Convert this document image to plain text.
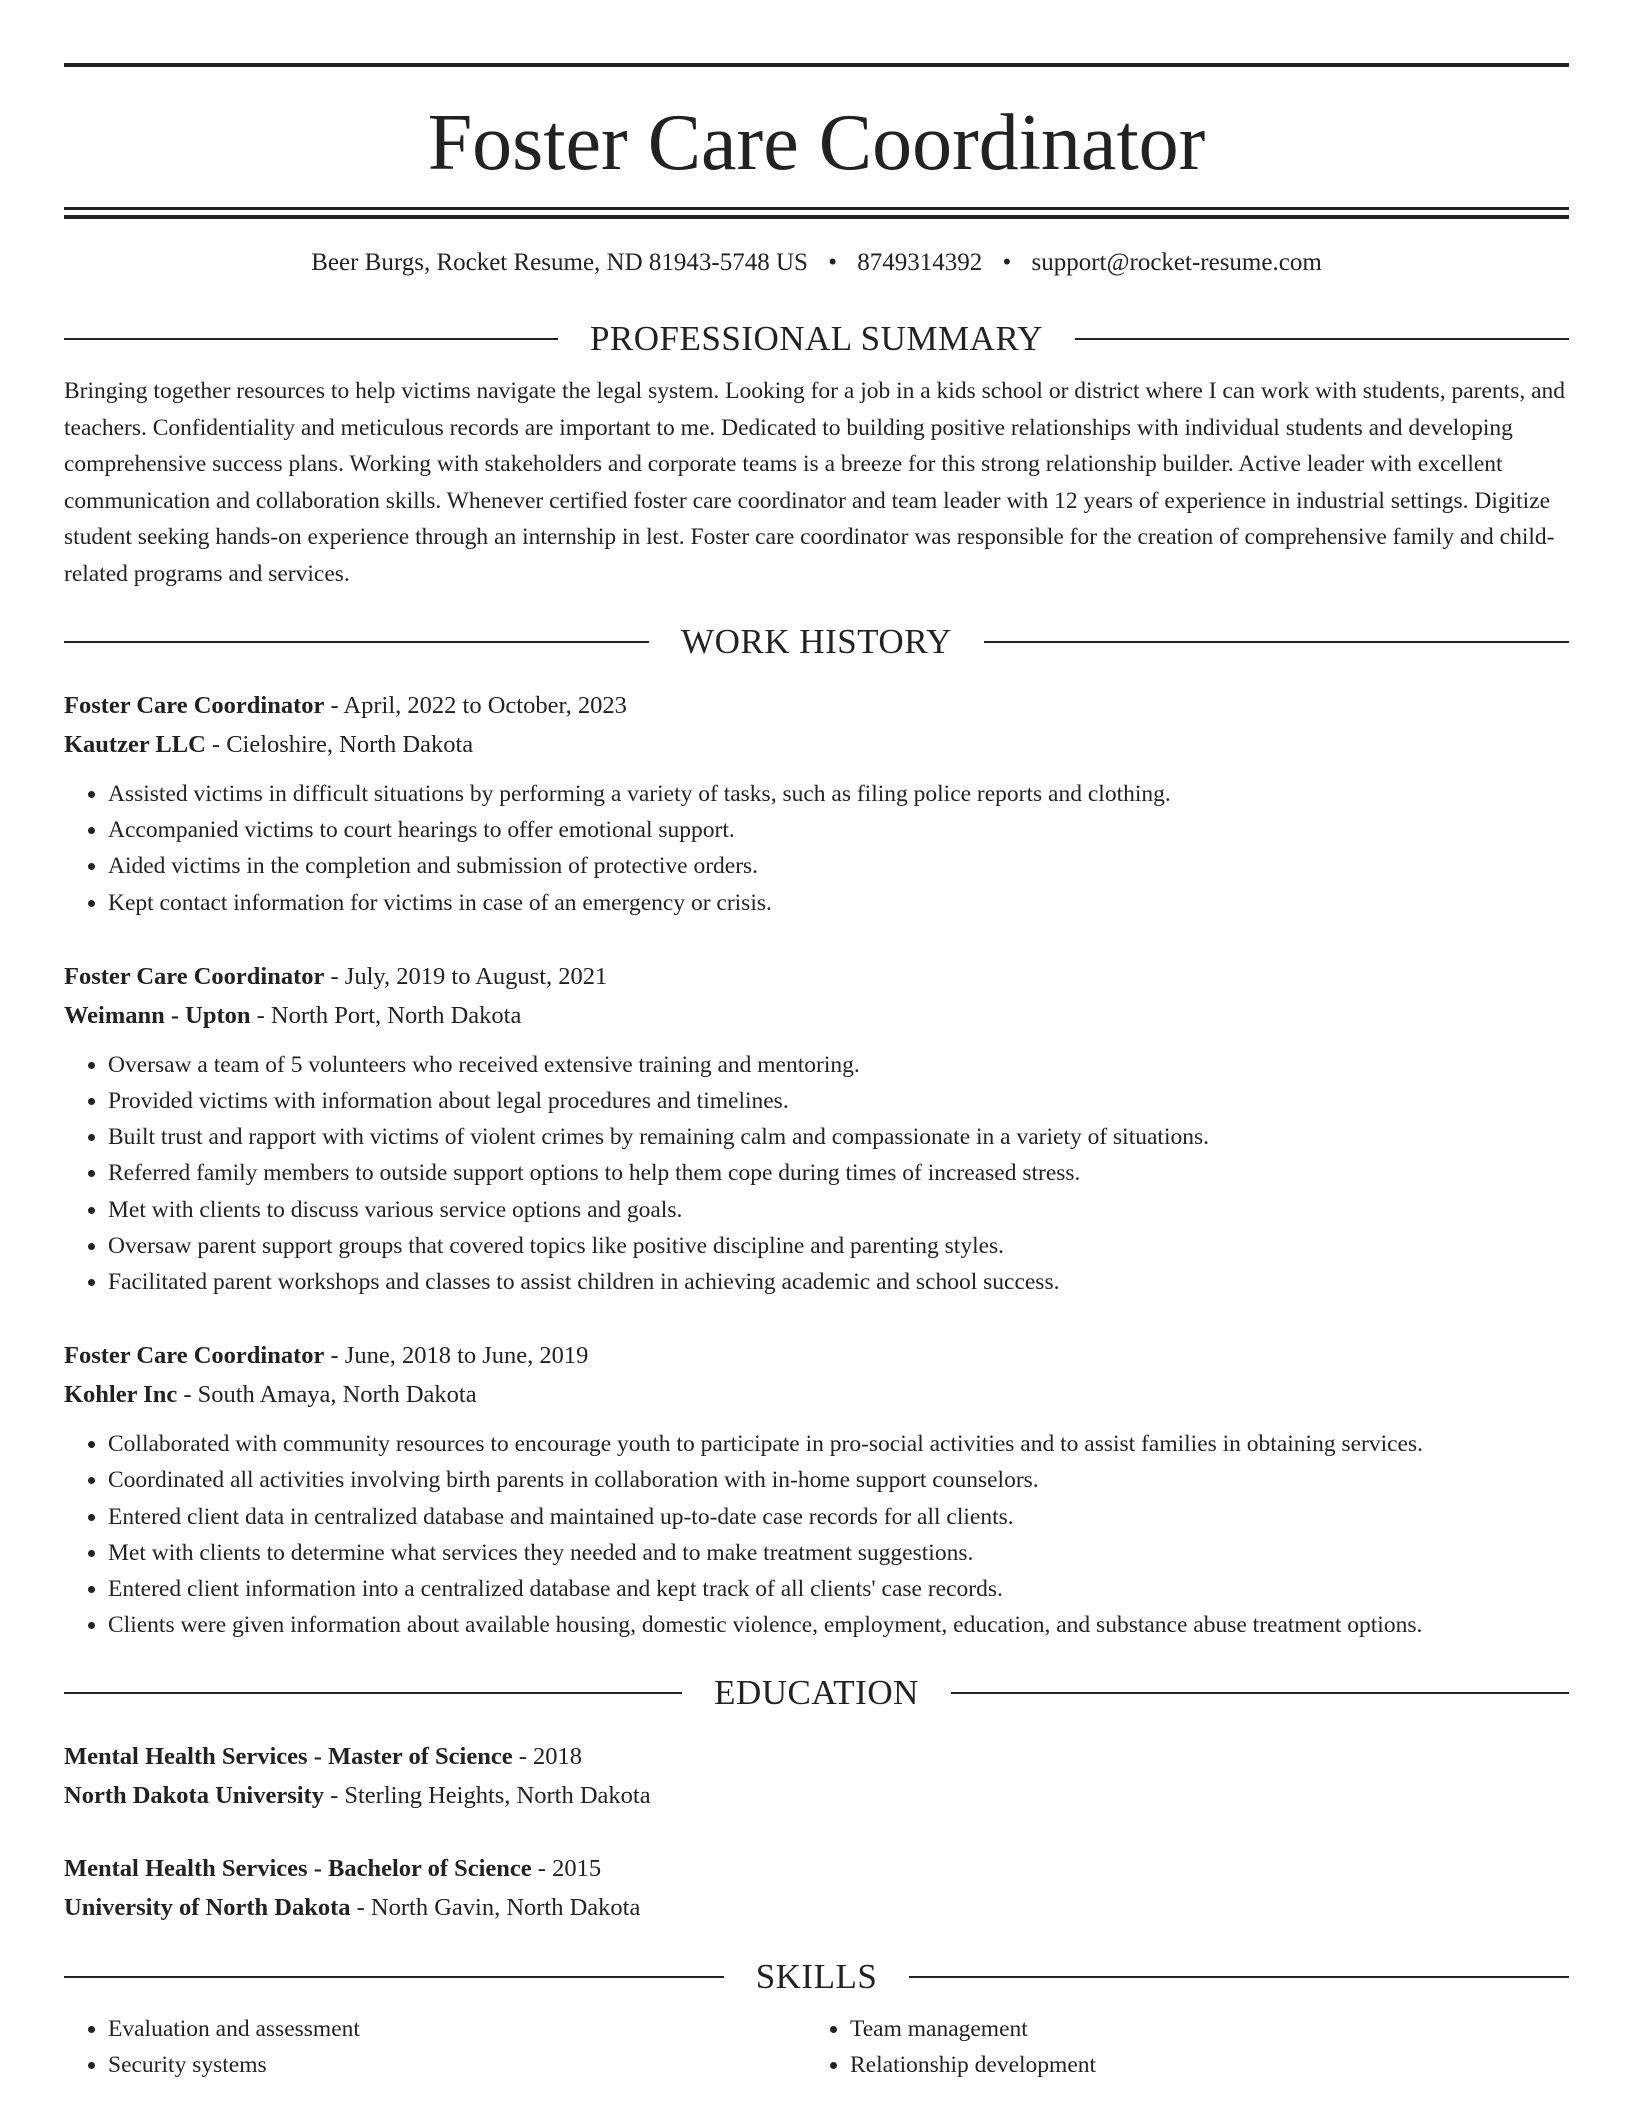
Foster Care Coordinator
Beer Burgs, Rocket Resume, ND 81943-5748 US • 8749314392 • support@rocket-resume.com
PROFESSIONAL SUMMARY
Bringing together resources to help victims navigate the legal system. Looking for a job in a kids school or district where I can work with students, parents, and teachers. Confidentiality and meticulous records are important to me. Dedicated to building positive relationships with individual students and developing comprehensive success plans. Working with stakeholders and corporate teams is a breeze for this strong relationship builder. Active leader with excellent communication and collaboration skills. Whenever certified foster care coordinator and team leader with 12 years of experience in industrial settings. Digitize student seeking hands-on experience through an internship in lest. Foster care coordinator was responsible for the creation of comprehensive family and child-related programs and services.
WORK HISTORY
Foster Care Coordinator - April, 2022 to October, 2023
Kautzer LLC - Cieloshire, North Dakota
• Assisted victims in difficult situations by performing a variety of tasks, such as filing police reports and clothing.
• Accompanied victims to court hearings to offer emotional support.
• Aided victims in the completion and submission of protective orders.
• Kept contact information for victims in case of an emergency or crisis.
Foster Care Coordinator - July, 2019 to August, 2021
Weimann - Upton - North Port, North Dakota
• Oversaw a team of 5 volunteers who received extensive training and mentoring.
• Provided victims with information about legal procedures and timelines.
• Built trust and rapport with victims of violent crimes by remaining calm and compassionate in a variety of situations.
• Referred family members to outside support options to help them cope during times of increased stress.
• Met with clients to discuss various service options and goals.
• Oversaw parent support groups that covered topics like positive discipline and parenting styles.
• Facilitated parent workshops and classes to assist children in achieving academic and school success.
Foster Care Coordinator - June, 2018 to June, 2019
Kohler Inc - South Amaya, North Dakota
• Collaborated with community resources to encourage youth to participate in pro-social activities and to assist families in obtaining services.
• Coordinated all activities involving birth parents in collaboration with in-home support counselors.
• Entered client data in centralized database and maintained up-to-date case records for all clients.
• Met with clients to determine what services they needed and to make treatment suggestions.
• Entered client information into a centralized database and kept track of all clients' case records.
• Clients were given information about available housing, domestic violence, employment, education, and substance abuse treatment options.
EDUCATION
Mental Health Services - Master of Science - 2018
North Dakota University - Sterling Heights, North Dakota
Mental Health Services - Bachelor of Science - 2015
University of North Dakota - North Gavin, North Dakota
SKILLS
• Evaluation and assessment
• Security systems
• Team management
• Relationship development
